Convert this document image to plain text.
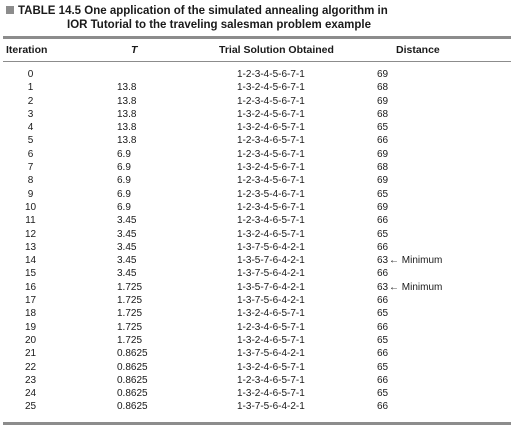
TABLE 14.5 One application of the simulated annealing algorithm in
IOR Tutorial to the traveling salesman problem example
Iteration	T	Trial Solution Obtained	Distance
0		1-2-3-4-5-6-7-1	69	
1	13.8	1-3-2-4-5-6-7-1	68	
2	13.8	1-2-3-4-5-6-7-1	69	
3	13.8	1-3-2-4-5-6-7-1	68	
4	13.8	1-3-2-4-6-5-7-1	65	
5	13.8	1-2-3-4-6-5-7-1	66	
6	6.9	1-2-3-4-5-6-7-1	69	
7	6.9	1-3-2-4-5-6-7-1	68	
8	6.9	1-2-3-4-5-6-7-1	69	
9	6.9	1-2-3-5-4-6-7-1	65	
10	6.9	1-2-3-4-5-6-7-1	69	
11	3.45	1-2-3-4-6-5-7-1	66	
12	3.45	1-3-2-4-6-5-7-1	65	
13	3.45	1-3-7-5-6-4-2-1	66	
14	3.45	1-3-5-7-6-4-2-1	63	← Minimum
15	3.45	1-3-7-5-6-4-2-1	66	
16	1.725	1-3-5-7-6-4-2-1	63	← Minimum
17	1.725	1-3-7-5-6-4-2-1	66	
18	1.725	1-3-2-4-6-5-7-1	65	
19	1.725	1-2-3-4-6-5-7-1	66	
20	1.725	1-3-2-4-6-5-7-1	65	
21	0.8625	1-3-7-5-6-4-2-1	66	
22	0.8625	1-3-2-4-6-5-7-1	65	
23	0.8625	1-2-3-4-6-5-7-1	66	
24	0.8625	1-3-2-4-6-5-7-1	65	
25	0.8625	1-3-7-5-6-4-2-1	66	
